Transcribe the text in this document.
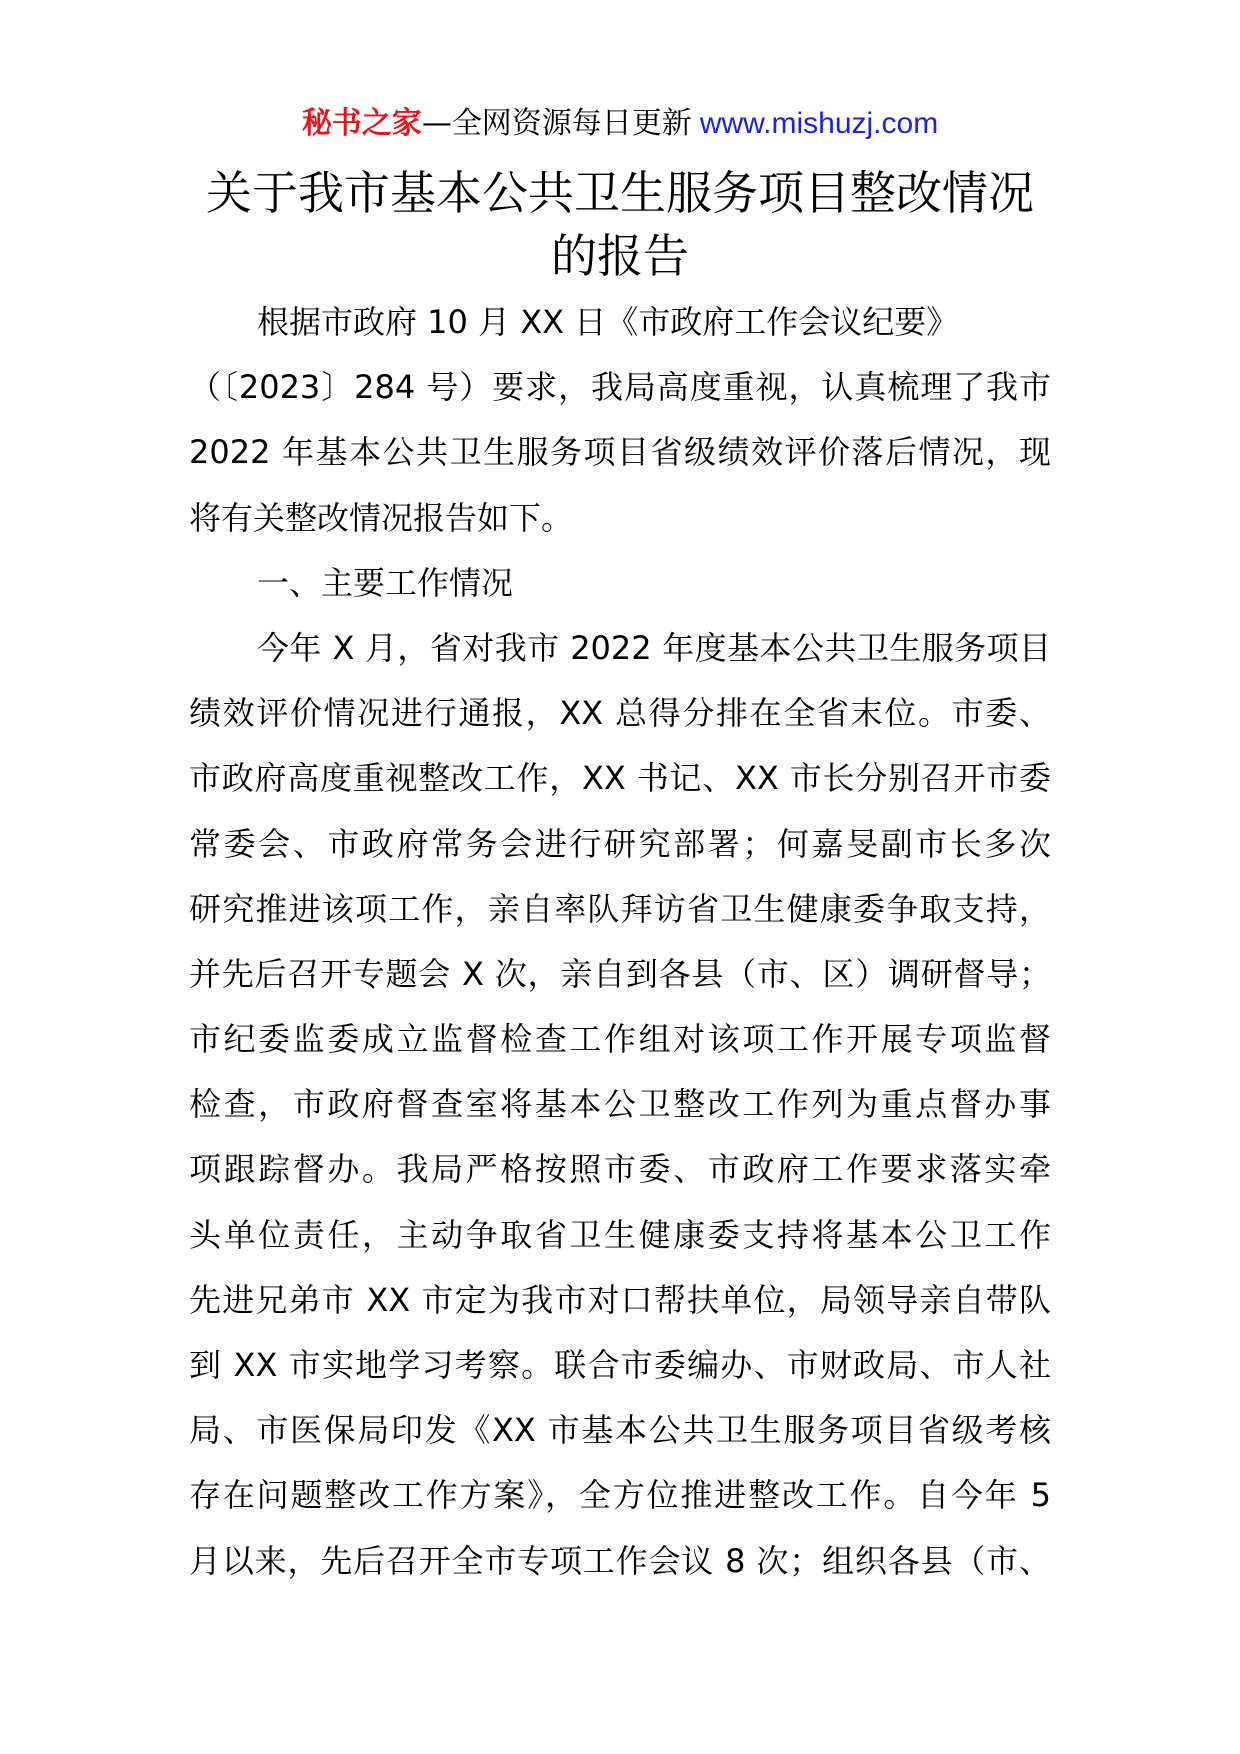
秘书之家—全网资源每日更新 www.mishuzj.com
关于我市基本公共卫生服务项目整改情况
的报告
根据市政府 10 月 XX 日《市政府工作会议纪要》
（〔2023〕284 号）要求，我局高度重视，认真梳理了我市
2022 年基本公共卫生服务项目省级绩效评价落后情况，现
将有关整改情况报告如下。
一、主要工作情况
今年 X 月，省对我市 2022 年度基本公共卫生服务项目
绩效评价情况进行通报，XX 总得分排在全省末位。市委、
市政府高度重视整改工作，XX 书记、XX 市长分别召开市委
常委会、市政府常务会进行研究部署；何嘉旻副市长多次
研究推进该项工作，亲自率队拜访省卫生健康委争取支持，
并先后召开专题会 X 次，亲自到各县（市、区）调研督导；
市纪委监委成立监督检查工作组对该项工作开展专项监督
检查，市政府督查室将基本公卫整改工作列为重点督办事
项跟踪督办。我局严格按照市委、市政府工作要求落实牵
头单位责任，主动争取省卫生健康委支持将基本公卫工作
先进兄弟市 XX 市定为我市对口帮扶单位，局领导亲自带队
到 XX 市实地学习考察。联合市委编办、市财政局、市人社
局、市医保局印发《XX 市基本公共卫生服务项目省级考核
存在问题整改工作方案》，全方位推进整改工作。自今年 5
月以来，先后召开全市专项工作会议 8 次；组织各县（市、
